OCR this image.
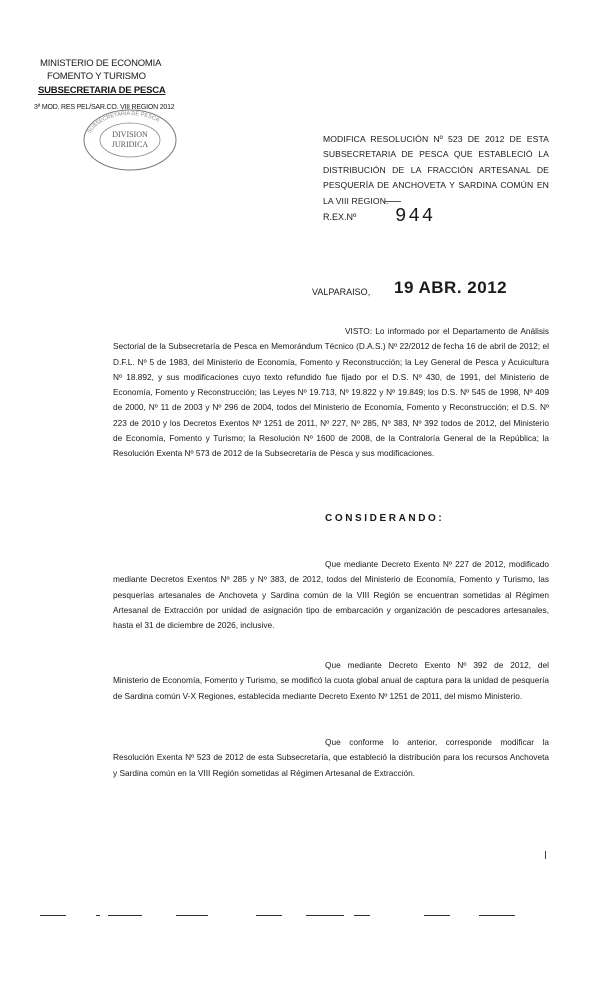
MINISTERIO DE ECONOMIA
FOMENTO Y TURISMO
SUBSECRETARIA DE PESCA
3ª MOD. RES PEL/SAR.CO. VIII REGION 2012
DIVISION
JURIDICA
SUBSECRETARIA DE PESCA
MODIFICA RESOLUCIÓN Nº 523 DE 2012 DE ESTA SUBSECRETARIA DE PESCA QUE ESTABLECIÓ LA DISTRIBUCIÓN DE LA FRACCIÓN ARTESANAL DE PESQUERÍA DE ANCHOVETA Y SARDINA COMÚN EN LA VIII REGION.
R.EX.Nº 944
VALPARAISO, 19 ABR. 2012
VISTO: Lo informado por el Departamento de Análisis Sectorial de la Subsecretaría de Pesca en Memorándum Técnico (D.A.S.) Nº 22/2012 de fecha 16 de abril de 2012; el D.F.L. Nº 5 de 1983, del Ministerio de Economía, Fomento y Reconstrucción; la Ley General de Pesca y Acuicultura Nº 18.892, y sus modificaciones cuyo texto refundido fue fijado por el D.S. Nº 430, de 1991, del Ministerio de Economía, Fomento y Reconstrucción; las Leyes Nº 19.713, Nº 19.822 y Nº 19.849; los D.S. Nº 545 de 1998, Nº 409 de 2000, Nº 11 de 2003 y Nº 296 de 2004, todos del Ministerio de Economía, Fomento y Reconstrucción; el D.S. Nº 223 de 2010 y los Decretos Exentos Nº 1251 de 2011, Nº 227, Nº 285, Nº 383, Nº 392 todos de 2012, del Ministerio de Economía, Fomento y Turismo; la Resolución Nº 1600 de 2008, de la Contraloría General de la República; la Resolución Exenta Nº 573 de 2012 de la Subsecretaría de Pesca y sus modificaciones.
CONSIDERANDO:
Que mediante Decreto Exento Nº 227 de 2012, modificado mediante Decretos Exentos Nº 285 y Nº 383, de 2012, todos del Ministerio de Economía, Fomento y Turismo, las pesquerías artesanales de Anchoveta y Sardina común de la VIII Región se encuentran sometidas al Régimen Artesanal de Extracción por unidad de asignación tipo de embarcación y organización de pescadores artesanales, hasta el 31 de diciembre de 2026, inclusive.
Que mediante Decreto Exento Nº 392 de 2012, del Ministerio de Economía, Fomento y Turismo, se modificó la cuota global anual de captura para la unidad de pesquería de Sardina común V-X Regiones, establecida mediante Decreto Exento Nº 1251 de 2011, del mismo Ministerio.
Que conforme lo anterior, corresponde modificar la Resolución Exenta Nº 523 de 2012 de esta Subsecretaría, que estableció la distribución para los recursos Anchoveta y Sardina común en la VIII Región sometidas al Régimen Artesanal de Extracción.
